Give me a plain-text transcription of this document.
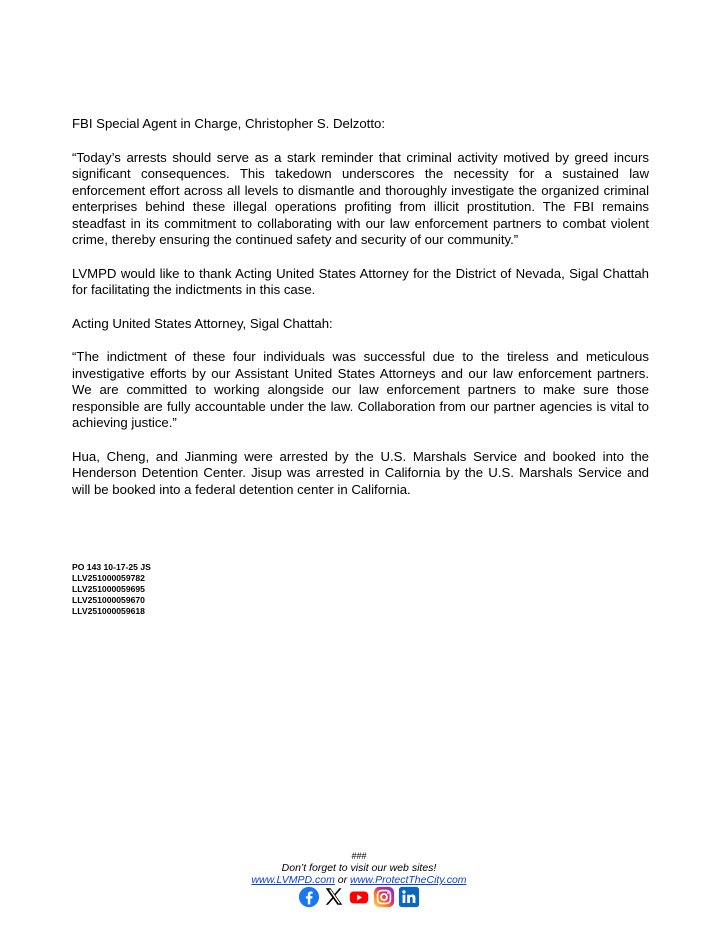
FBI Special Agent in Charge, Christopher S. Delzotto:

“Today’s arrests should serve as a stark reminder that criminal activity motived by greed incurs significant consequences. This takedown underscores the necessity for a sustained law enforcement effort across all levels to dismantle and thoroughly investigate the organized criminal enterprises behind these illegal operations profiting from illicit prostitution. The FBI remains steadfast in its commitment to collaborating with our law enforcement partners to combat violent crime, thereby ensuring the continued safety and security of our community.”

LVMPD would like to thank Acting United States Attorney for the District of Nevada, Sigal Chattah for facilitating the indictments in this case.

Acting United States Attorney, Sigal Chattah:

“The indictment of these four individuals was successful due to the tireless and meticulous investigative efforts by our Assistant United States Attorneys and our law enforcement partners. We are committed to working alongside our law enforcement partners to make sure those responsible are fully accountable under the law. Collaboration from our partner agencies is vital to achieving justice.”

Hua, Cheng, and Jianming were arrested by the U.S. Marshals Service and booked into the Henderson Detention Center. Jisup was arrested in California by the U.S. Marshals Service and will be booked into a federal detention center in California.

PO 143 10-17-25 JS
LLV251000059782
LLV251000059695
LLV251000059670
LLV251000059618
###
Don’t forget to visit our web sites!
www.LVMPD.com or www.ProtectTheCity.com
